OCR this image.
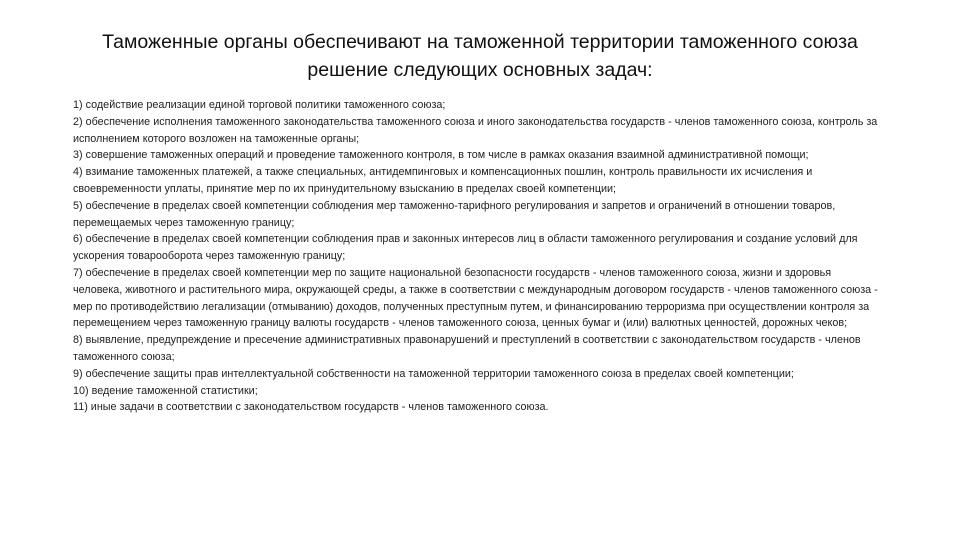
Таможенные органы обеспечивают на таможенной территории таможенного союза решение следующих основных задач:
1) содействие реализации единой торговой политики таможенного союза;
2) обеспечение исполнения таможенного законодательства таможенного союза и иного законодательства государств - членов таможенного союза, контроль за исполнением которого возложен на таможенные органы;
3) совершение таможенных операций и проведение таможенного контроля, в том числе в рамках оказания взаимной административной помощи;
4) взимание таможенных платежей, а также специальных, антидемпинговых и компенсационных пошлин, контроль правильности их исчисления и своевременности уплаты, принятие мер по их принудительному взысканию в пределах своей компетенции;
5) обеспечение в пределах своей компетенции соблюдения мер таможенно-тарифного регулирования и запретов и ограничений в отношении товаров, перемещаемых через таможенную границу;
6) обеспечение в пределах своей компетенции соблюдения прав и законных интересов лиц в области таможенного регулирования и создание условий для ускорения товарооборота через таможенную границу;
7) обеспечение в пределах своей компетенции мер по защите национальной безопасности государств - членов таможенного союза, жизни и здоровья человека, животного и растительного мира, окружающей среды, а также в соответствии с международным договором государств - членов таможенного союза - мер по противодействию легализации (отмыванию) доходов, полученных преступным путем, и финансированию терроризма при осуществлении контроля за перемещением через таможенную границу валюты государств - членов таможенного союза, ценных бумаг и (или) валютных ценностей, дорожных чеков;
8) выявление, предупреждение и пресечение административных правонарушений и преступлений в соответствии с законодательством государств - членов таможенного союза;
9) обеспечение защиты прав интеллектуальной собственности на таможенной территории таможенного союза в пределах своей компетенции;
10) ведение таможенной статистики;
11) иные задачи в соответствии с законодательством государств - членов таможенного союза.
